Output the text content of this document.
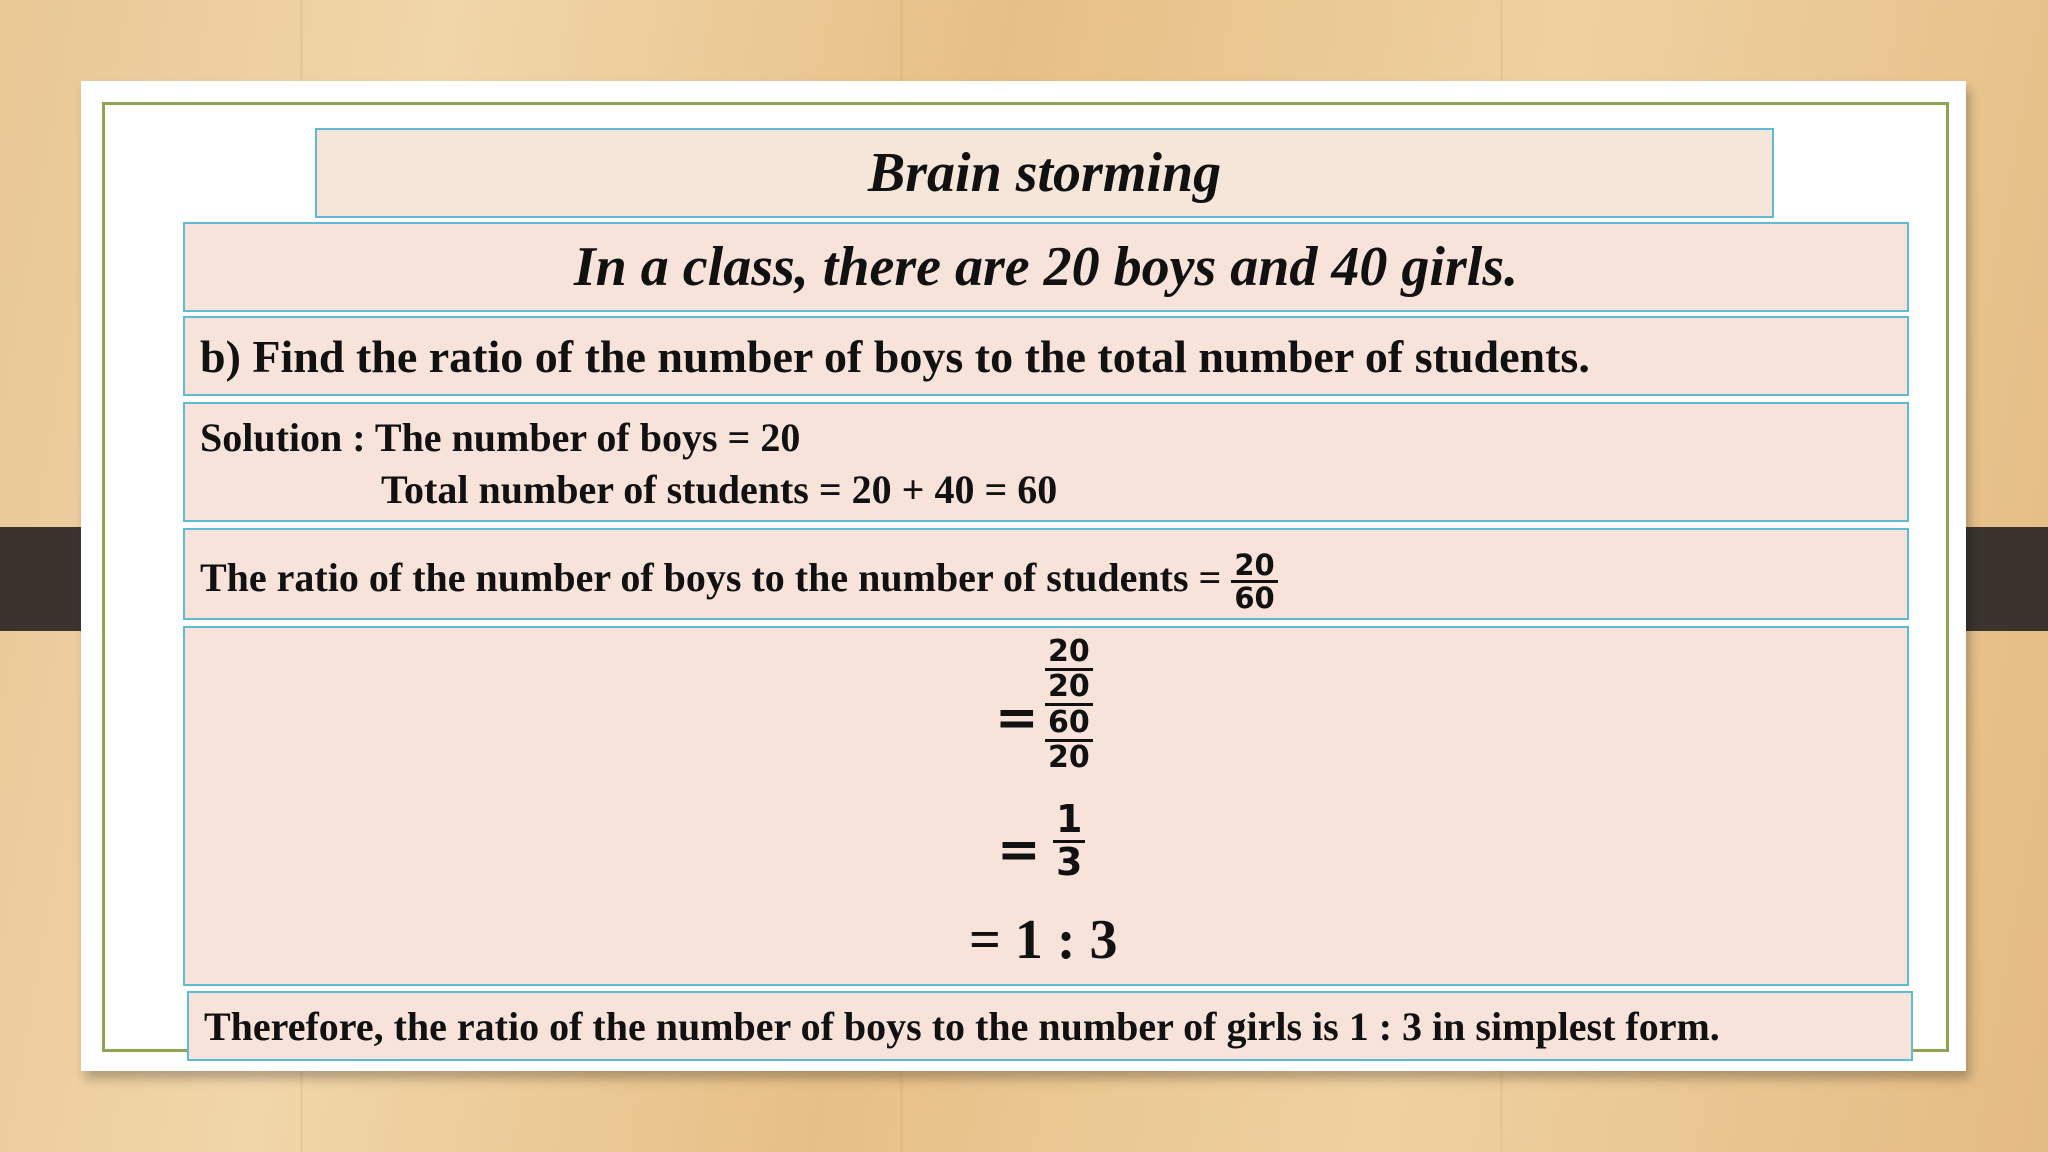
Brain storming
In a class, there are 20 boys and 40 girls.
b) Find the ratio of the number of boys to the total number of students.
Solution : The number of boys = 20
Total number of students = 20 + 40 = 60
The ratio of the number of boys to the number of students = $\frac{20}{60}$
= $\frac{\frac{20}{20}}{\frac{60}{20}}$
= $\frac{1}{3}$
= 1 : 3
Therefore, the ratio of the number of boys to the number of girls is 1 : 3 in simplest form.
